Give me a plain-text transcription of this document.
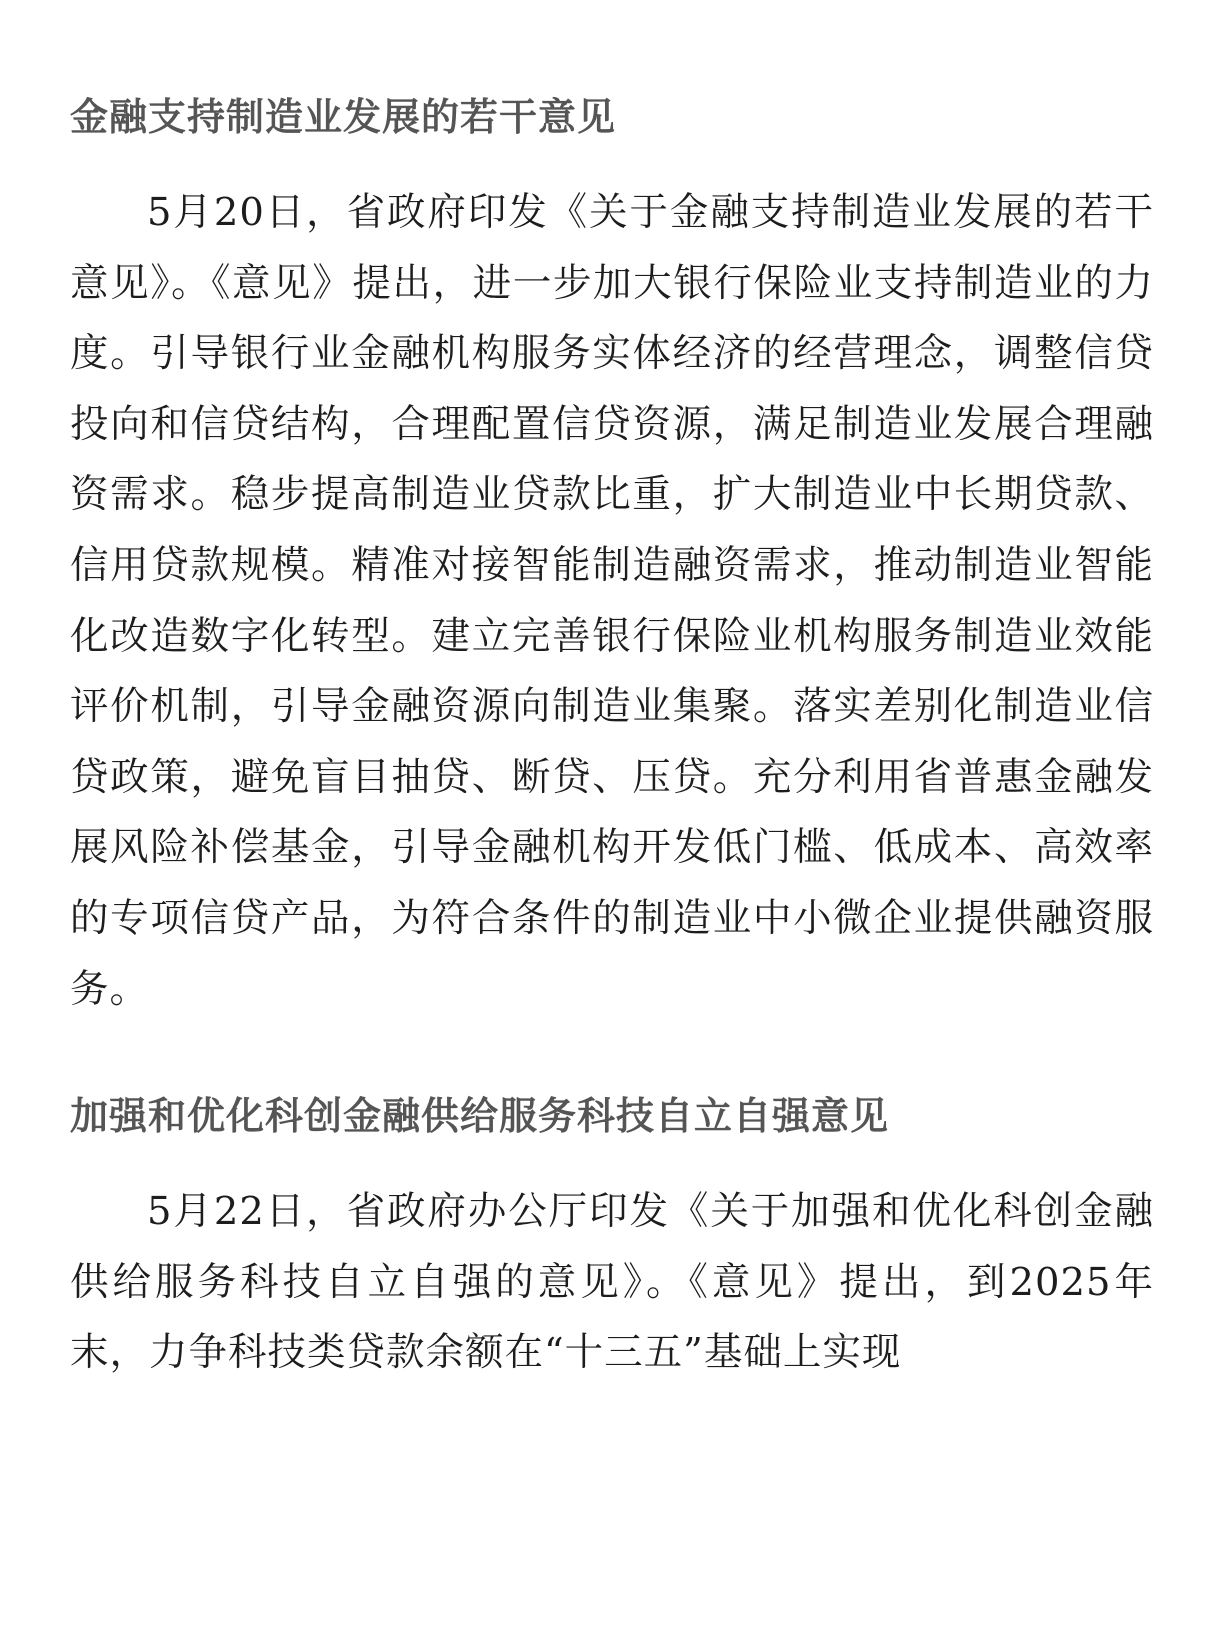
金融支持制造业发展的若干意见

5月20日，省政府印发《关于金融支持制造业发展的若干意见》。《意见》提出，进一步加大银行保险业支持制造业的力度。引导银行业金融机构服务实体经济的经营理念，调整信贷投向和信贷结构，合理配置信贷资源，满足制造业发展合理融资需求。稳步提高制造业贷款比重，扩大制造业中长期贷款、信用贷款规模。精准对接智能制造融资需求，推动制造业智能化改造数字化转型。建立完善银行保险业机构服务制造业效能评价机制，引导金融资源向制造业集聚。落实差别化制造业信贷政策，避免盲目抽贷、断贷、压贷。充分利用省普惠金融发展风险补偿基金，引导金融机构开发低门槛、低成本、高效率的专项信贷产品，为符合条件的制造业中小微企业提供融资服务。

加强和优化科创金融供给服务科技自立自强意见

5月22日，省政府办公厅印发《关于加强和优化科创金融供给服务科技自立自强的意见》。《意见》提出，到2025年末，力争科技类贷款余额在“十三五”基础上实现
